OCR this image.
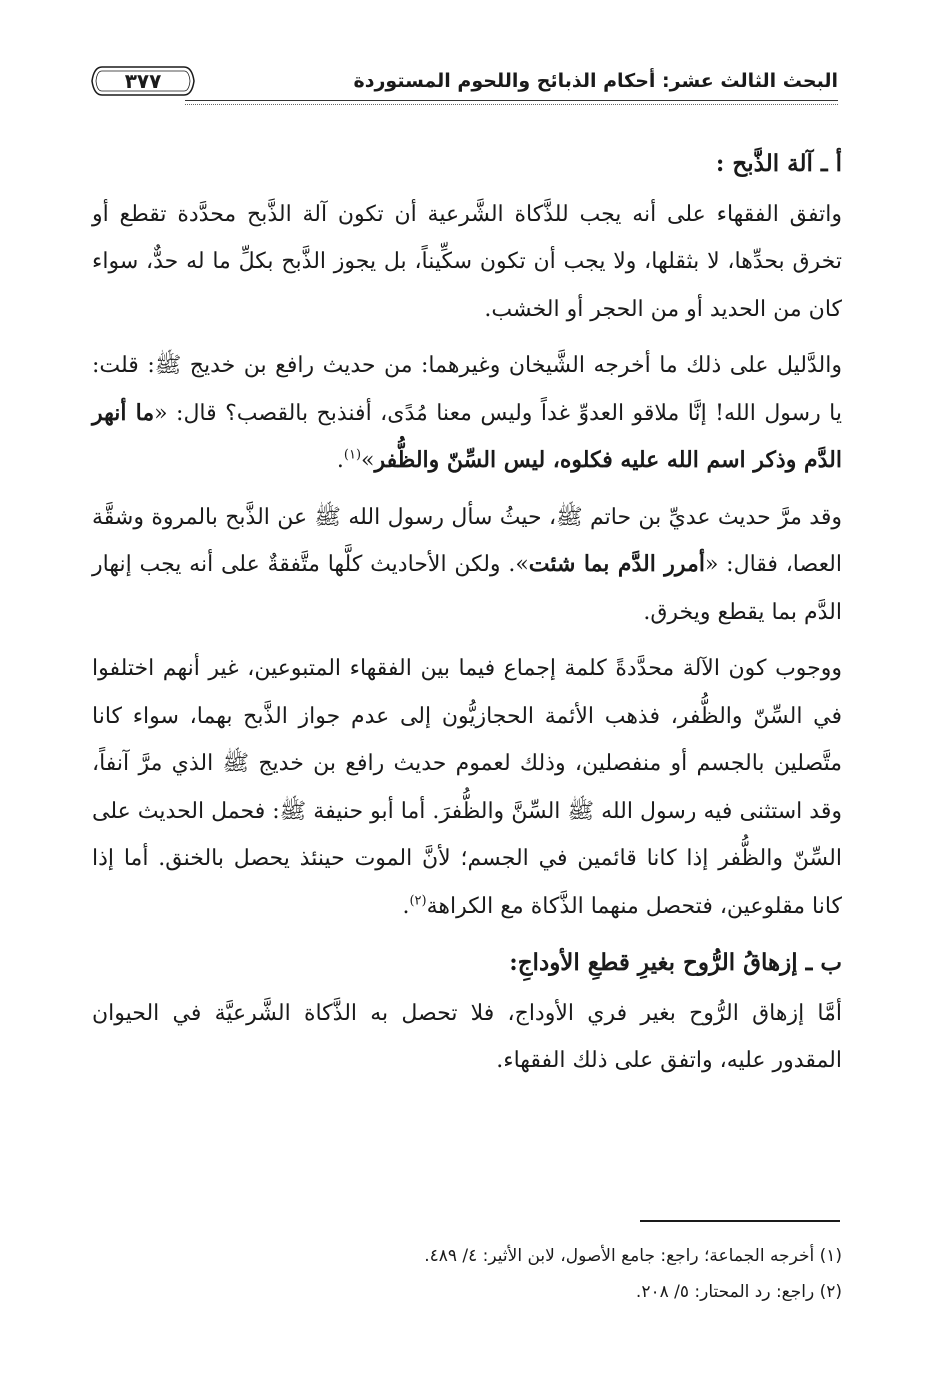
البحث الثالث عشر: أحكام الذبائح واللحوم المستوردة
٣٧٧

أ ـ آلة الذَّبح :

واتفق الفقهاء على أنه يجب للذَّكاة الشَّرعية أن تكون آلة الذَّبح محدَّدة تقطع أو تخرق بحدِّها، لا بثقلها، ولا يجب أن تكون سكِّيناً، بل يجوز الذَّبح بكلِّ ما له حدٌّ، سواء كان من الحديد أو من الحجر أو الخشب.

والدَّليل على ذلك ما أخرجه الشَّيخان وغيرهما: من حديث رافع بن خديج ﷺ: قلت: يا رسول الله! إنَّا ملاقو العدوِّ غداً وليس معنا مُدًى، أفنذبح بالقصب؟ قال: «ما أنهر الدَّم وذكر اسم الله عليه فكلوه، ليس السِّنّ والظُّفر»$^{(١)}$.

وقد مرَّ حديث عديِّ بن حاتم ﷺ، حيثُ سأل رسول الله ﷺ عن الذَّبح بالمروة وشقَّة العصا، فقال: «أمرر الدَّم بما شئت». ولكن الأحاديث كلَّها متَّفقةٌ على أنه يجب إنهار الدَّم بما يقطع ويخرق.

ووجوب كون الآلة محدَّدةً كلمة إجماع فيما بين الفقهاء المتبوعين، غير أنهم اختلفوا في السِّنّ والظُّفر، فذهب الأئمة الحجازيُّون إلى عدم جواز الذَّبح بهما، سواء كانا متَّصلين بالجسم أو منفصلين، وذلك لعموم حديث رافع بن خديج ﷺ الذي مرَّ آنفاً، وقد استثنى فيه رسول الله ﷺ السِّنَّ والظُّفرَ. أما أبو حنيفة ﷺ: فحمل الحديث على السِّنّ والظُّفر إذا كانا قائمين في الجسم؛ لأنَّ الموت حينئذ يحصل بالخنق. أما إذا كانا مقلوعين، فتحصل منهما الذَّكاة مع الكراهة$^{(٢)}$.

ب ـ إزهاقُ الرُّوح بغيرِ قطعِ الأوداجِ:

أمَّا إزهاق الرُّوح بغير فري الأوداج، فلا تحصل به الذَّكاة الشَّرعيَّة في الحيوان المقدور عليه، واتفق على ذلك الفقهاء.

(١) أخرجه الجماعة؛ راجع: جامع الأصول، لابن الأثير: ٤/ ٤٨٩.

(٢) راجع: رد المحتار: ٥/ ٢٠٨.
